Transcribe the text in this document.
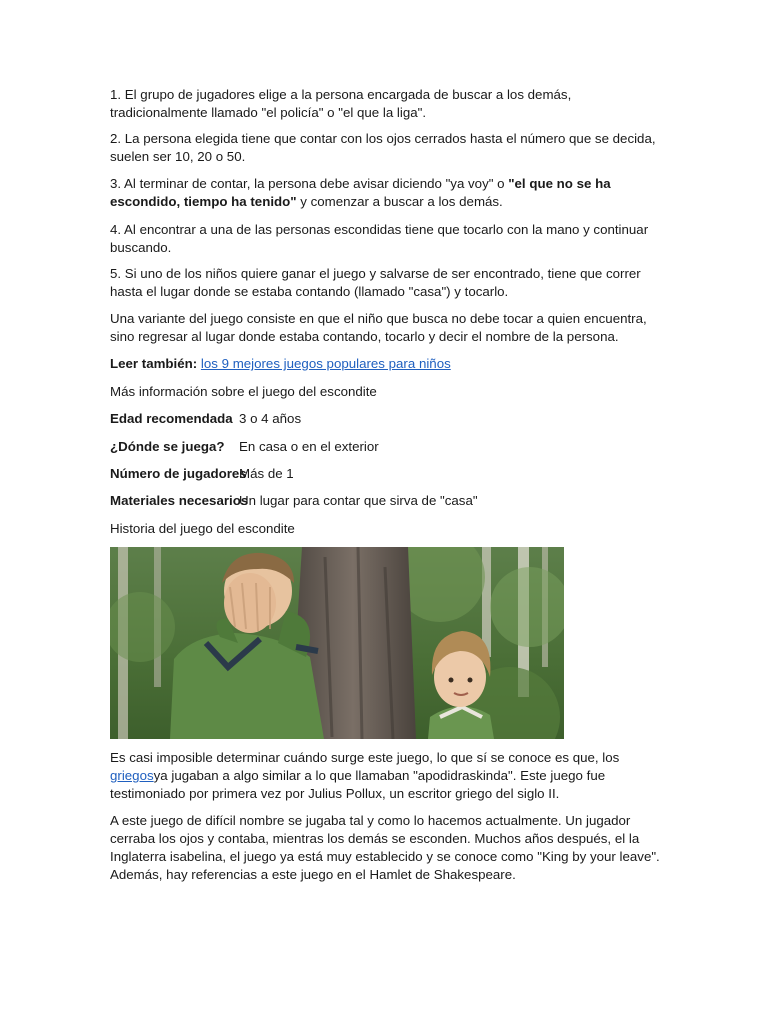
1. El grupo de jugadores elige a la persona encargada de buscar a los demás, tradicionalmente llamado "el policía" o "el que la liga".

2. La persona elegida tiene que contar con los ojos cerrados hasta el número que se decida, suelen ser 10, 20 o 50.

3. Al terminar de contar, la persona debe avisar diciendo "ya voy" o "el que no se ha escondido, tiempo ha tenido" y comenzar a buscar a los demás.

4. Al encontrar a una de las personas escondidas tiene que tocarlo con la mano y continuar buscando.

5. Si uno de los niños quiere ganar el juego y salvarse de ser encontrado, tiene que correr hasta el lugar donde se estaba contando (llamado "casa") y tocarlo.

Una variante del juego consiste en que el niño que busca no debe tocar a quien encuentra, sino regresar al lugar donde estaba contando, tocarlo y decir el nombre de la persona.

Leer también: los 9 mejores juegos populares para niños

Más información sobre el juego del escondite

Edad recomendada 3 o 4 años
¿Dónde se juega? En casa o en el exterior
Número de jugadores
Más de 1
Materiales necesarios
Un lugar para contar que sirva de "casa"

Historia del juego del escondite

Es casi imposible determinar cuándo surge este juego, lo que sí se conoce es que, los griegosya jugaban a algo similar a lo que llamaban "apodidraskinda". Este juego fue testimoniado por primera vez por Julius Pollux, un escritor griego del siglo II.

A este juego de difícil nombre se jugaba tal y como lo hacemos actualmente. Un jugador cerraba los ojos y contaba, mientras los demás se esconden. Muchos años después, el la Inglaterra isabelina, el juego ya está muy establecido y se conoce como "King by your leave". Además, hay referencias a este juego en el Hamlet de Shakespeare.
